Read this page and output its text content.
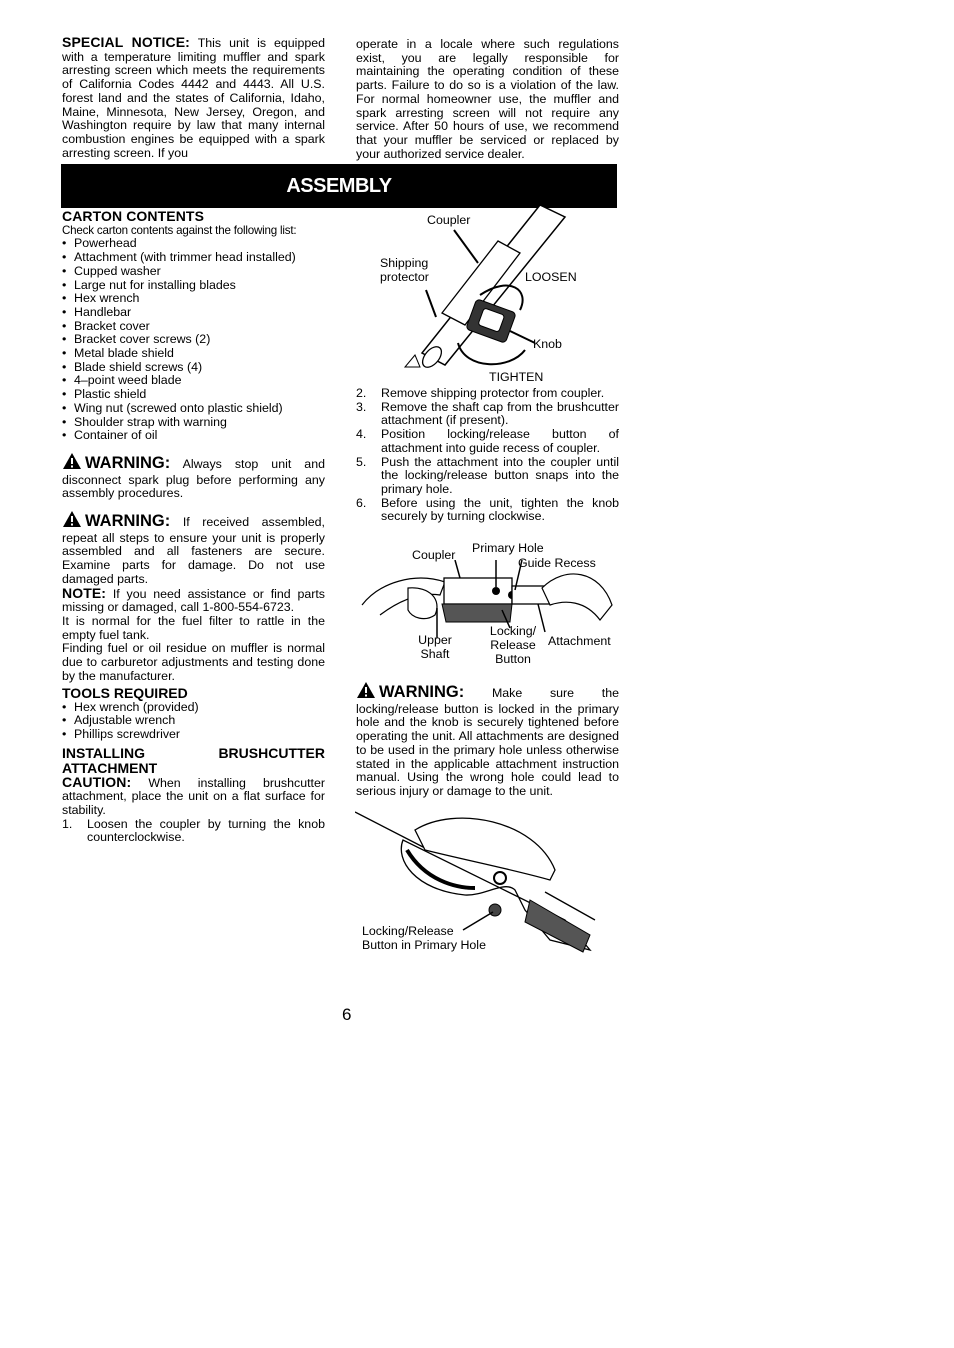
SPECIAL NOTICE: This unit is equipped with a temperature limiting muffler and spark arresting screen which meets the requirements of California Codes 4442 and 4443. All U.S. forest land and the states of California, Idaho, Maine, Minnesota, New Jersey, Oregon, and Washington require by law that many internal combustion engines be equipped with a spark arresting screen. If you
operate in a locale where such regulations exist, you are legally responsible for maintaining the operating condition of these parts. Failure to do so is a violation of the law. For normal homeowner use, the muffler and spark arresting screen will not require any service. After 50 hours of use, we recommend that your muffler be serviced or replaced by your authorized service dealer.
ASSEMBLY
CARTON CONTENTS
Check carton contents against the following list:
• Powerhead
• Attachment (with trimmer head installed)
• Cupped washer
• Large nut for installing blades
• Hex wrench
• Handlebar
• Bracket cover
• Bracket cover screws (2)
• Metal blade shield
• Blade shield screws (4)
• 4–point weed blade
• Plastic shield
• Wing nut (screwed onto plastic shield)
• Shoulder strap with warning
• Container of oil
WARNING: Always stop unit and disconnect spark plug before performing any assembly procedures.
WARNING: If received assembled, repeat all steps to ensure your unit is properly assembled and all fasteners are secure. Examine parts for damage. Do not use damaged parts.
NOTE: If you need assistance or find parts missing or damaged, call 1-800-554-6723.

It is normal for the fuel filter to rattle in the empty fuel tank.

Finding fuel or oil residue on muffler is normal due to carburetor adjustments and testing done by the manufacturer.

TOOLS REQUIRED
• Hex wrench (provided)
• Adjustable wrench
• Phillips screwdriver
INSTALLING BRUSHCUTTER ATTACHMENT
CAUTION: When installing brushcutter attachment, place the unit on a flat surface for stability.
1. Loosen the coupler by turning the knob counterclockwise.
Coupler
Shipping
protector	LOOSEN
Knob
TIGHTEN
2. Remove shipping protector from coupler.
3. Remove the shaft cap from the brushcutter attachment (if present).
4. Position locking/release button of attachment into guide recess of coupler.
5. Push the attachment into the coupler until the locking/release button snaps into the primary hole.
6. Before using the unit, tighten the knob securely by turning clockwise.
Coupler Primary Hole
Guide Recess
Upper
Shaft
Locking/
Release
Button
Attachment
WARNING: Make sure the locking/release button is locked in the primary hole and the knob is securely tightened before operating the unit. All attachments are designed to be used in the primary hole unless otherwise stated in the applicable attachment instruction manual. Using the wrong hole could lead to serious injury or damage to the unit.
Locking/Release
Button in Primary Hole
6
